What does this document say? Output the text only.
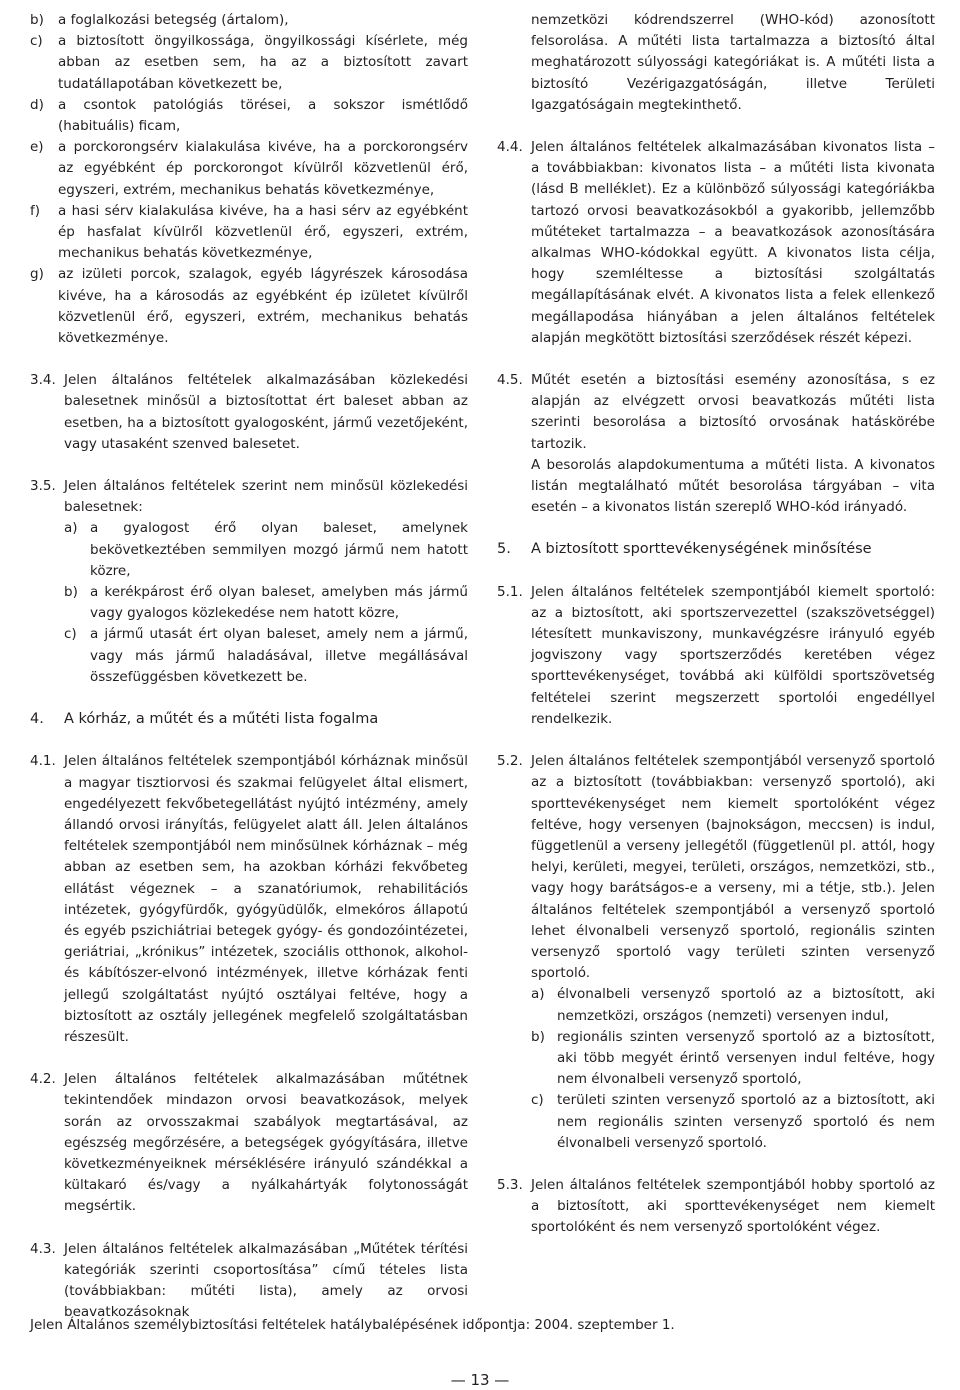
b)	a foglalkozási betegség (ártalom),
c)	a biztosított öngyilkossága, öngyilkossági kísérlete, még abban az esetben sem, ha az a biztosított zavart tudatállapotában következett be,
d)	a csontok patológiás törései, a sokszor ismétlődő (habituális) ficam,
e)	a porckorongsérv kialakulása kivéve, ha a porckorongsérv az egyébként ép porckorongot kívülről közvetlenül érő, egyszeri, extrém, mechanikus behatás következménye,
f)	a hasi sérv kialakulása kivéve, ha a hasi sérv az egyébként ép hasfalat kívülről közvetlenül érő, egyszeri, extrém, mechanikus behatás következménye,
g)	az izületi porcok, szalagok, egyéb lágyrészek károsodása kivéve, ha a károsodás az egyébként ép izületet kívülről közvetlenül érő, egyszeri, extrém, mechanikus behatás következménye.
3.4. Jelen általános feltételek alkalmazásában közlekedési balesetnek minősül a biztosítottat ért baleset abban az esetben, ha a biztosított gyalogosként, jármű vezetőjeként, vagy utasaként szenved balesetet.
3.5. Jelen általános feltételek szerint nem minősül közlekedési balesetnek:
a) a gyalogost érő olyan baleset, amelynek bekövetkeztében semmilyen mozgó jármű nem hatott közre,
b) a kerékpárost érő olyan baleset, amelyben más jármű vagy gyalogos közlekedése nem hatott közre,
c) a jármű utasát ért olyan baleset, amely nem a jármű, vagy más jármű haladásával, illetve megállásával összefüggésben következett be.
4.	A kórház, a műtét és a műtéti lista fogalma
4.1. Jelen általános feltételek szempontjából kórháznak minősül a magyar tisztiorvosi és szakmai felügyelet által elismert, engedélyezett fekvőbetegellátást nyújtó intézmény, amely állandó orvosi irányítás, felügyelet alatt áll. Jelen általános feltételek szempontjából nem minősülnek kórháznak – még abban az esetben sem, ha azokban kórházi fekvőbeteg ellátást végeznek – a szanatóriumok, rehabilitációs intézetek, gyógyfürdők, gyógyüdülők, elmekóros állapotú és egyéb pszichiátriai betegek gyógy- és gondozóintézetei, geriátriai, „krónikus” intézetek, szociális otthonok, alkohol- és kábítószer-elvonó intézmények, illetve kórházak fenti jellegű szolgáltatást nyújtó osztályai feltéve, hogy a biztosított az osztály jellegének megfelelő szolgáltatásban részesült.
4.2. Jelen általános feltételek alkalmazásában műtétnek tekintendőek mindazon orvosi beavatkozások, melyek során az orvosszakmai szabályok megtartásával, az egészség megőrzésére, a betegségek gyógyítására, illetve következményeiknek mérséklésére irányuló szándékkal a kültakaró és/vagy a nyálkahártyák folytonosságát megsértik.
4.3. Jelen általános feltételek alkalmazásában „Műtétek térítési kategóriák szerinti csoportosítása” című tételes lista (továbbiakban: műtéti lista), amely az orvosi beavatkozásoknak
nemzetközi kódrendszerrel (WHO-kód) azonosított felsorolása. A műtéti lista tartalmazza a biztosító által meghatározott súlyossági kategóriákat is. A műtéti lista a biztosító Vezérigazgatóságán, illetve Területi Igazgatóságain megtekinthető.
4.4. Jelen általános feltételek alkalmazásában kivonatos lista – a továbbiakban: kivonatos lista – a műtéti lista kivonata (lásd B melléklet). Ez a különböző súlyossági kategóriákba tartozó orvosi beavatkozásokból a gyakoribb, jellemzőbb műtéteket tartalmazza – a beavatkozások azonosítására alkalmas WHO-kódokkal együtt. A kivonatos lista célja, hogy szemléltesse a biztosítási szolgáltatás megállapításának elvét. A kivonatos lista a felek ellenkező megállapodása hiányában a jelen általános feltételek alapján megkötött biztosítási szerződések részét képezi.
4.5. Műtét esetén a biztosítási esemény azonosítása, s ez alapján az elvégzett orvosi beavatkozás műtéti lista szerinti besorolása a biztosító orvosának hatáskörébe tartozik.
A besorolás alapdokumentuma a műtéti lista. A kivonatos listán megtalálható műtét besorolása tárgyában – vita esetén – a kivonatos listán szereplő WHO-kód irányadó.
5.	A biztosított sporttevékenységének minősítése
5.1. Jelen általános feltételek szempontjából kiemelt sportoló: az a biztosított, aki sportszervezettel (szakszövetséggel) létesített munkaviszony, munkavégzésre irányuló egyéb jogviszony vagy sportszerződés keretében végez sporttevékenységet, továbbá aki külföldi sportszövetség feltételei szerint megszerzett sportolói engedéllyel rendelkezik.
5.2. Jelen általános feltételek szempontjából versenyző sportoló az a biztosított (továbbiakban: versenyző sportoló), aki sporttevékenységet nem kiemelt sportolóként végez feltéve, hogy versenyen (bajnokságon, meccsen) is indul, függetlenül a verseny jellegétől (függetlenül pl. attól, hogy helyi, kerületi, megyei, területi, országos, nemzetközi, stb., vagy hogy barátságos-e a verseny, mi a tétje, stb.). Jelen általános feltételek szempontjából a versenyző sportoló lehet élvonalbeli versenyző sportoló, regionális szinten versenyző sportoló vagy területi szinten versenyző sportoló.
a) élvonalbeli versenyző sportoló az a biztosított, aki nemzetközi, országos (nemzeti) versenyen indul,
b) regionális szinten versenyző sportoló az a biztosított, aki több megyét érintő versenyen indul feltéve, hogy nem élvonalbeli versenyző sportoló,
c) területi szinten versenyző sportoló az a biztosított, aki nem regionális szinten versenyző sportoló és nem élvonalbeli versenyző sportoló.
5.3. Jelen általános feltételek szempontjából hobby sportoló az a biztosított, aki sporttevékenységet nem kiemelt sportolóként és nem versenyző sportolóként végez.
Jelen Általános személybiztosítási feltételek hatálybalépésének időpontja: 2004. szeptember 1.
— 13 —
